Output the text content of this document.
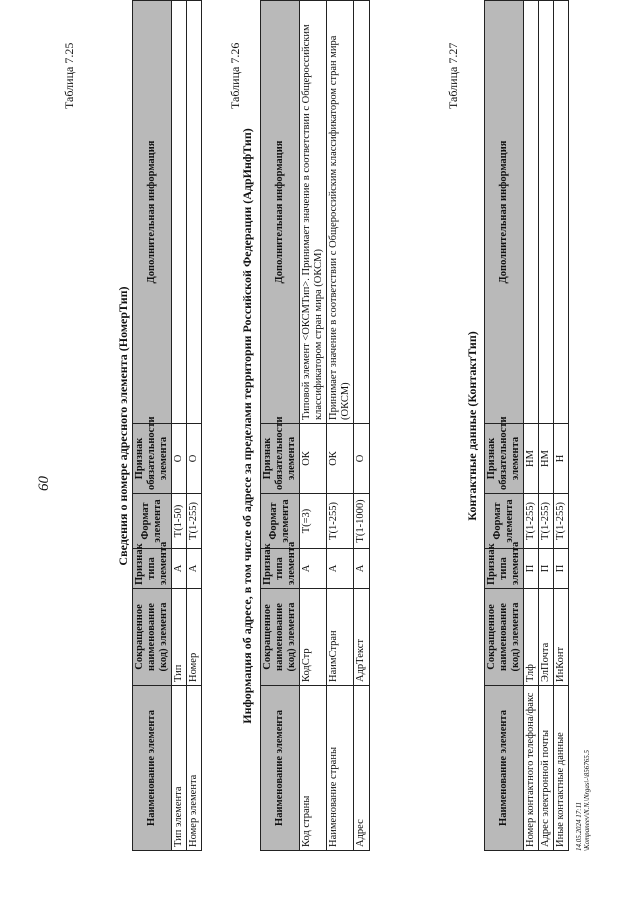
60
Таблица 7.25
Сведения о номере адресного элемента (НомерТип)
Наименование элемента	Сокращенное наименование (код) элемента	Признак типа элемента	Формат элемента	Признак обязательности элемента	Дополнительная информация
Тип элемента	Тип	А	Т(1-50)	О	
Номер элемента	Номер	А	Т(1-255)	О	
Таблица 7.26
Информация об адресе, в том числе об адресе за пределами территории Российской Федерации (АдрИнфТип)
Наименование элемента	Сокращенное наименование (код) элемента	Признак типа элемента	Формат элемента	Признак обязательности элемента	Дополнительная информация
Код страны	КодСтр	А	Т(=3)	ОК	Типовой элемент <ОКСМТип>. Принимает значение в соответствии с Общероссийским классификатором стран мира (ОКСМ)
Наименование страны	НаимСтран	А	Т(1-255)	ОК	Принимает значение в соответствии с Общероссийским классификатором стран мира (ОКСМ)
Адрес	АдрТекст	А	Т(1-1000)	О	
Таблица 7.27
Контактные данные (КонтактТип)
Наименование элемента	Сокращенное наименование (код) элемента	Признак типа элемента	Формат элемента	Признак обязательности элемента	Дополнительная информация
Номер контактного телефона/факс	Тлф	П	Т(1-255)	НМ	
Адрес электронной почты	ЭлПочта	П	Т(1-255)	НМ	
Иные контактные данные	ИнКонт	П	Т(1-255)	Н	
14.05.2024 17:11 \Kompaneev\N.N.\Nrgas\-\856765.5
